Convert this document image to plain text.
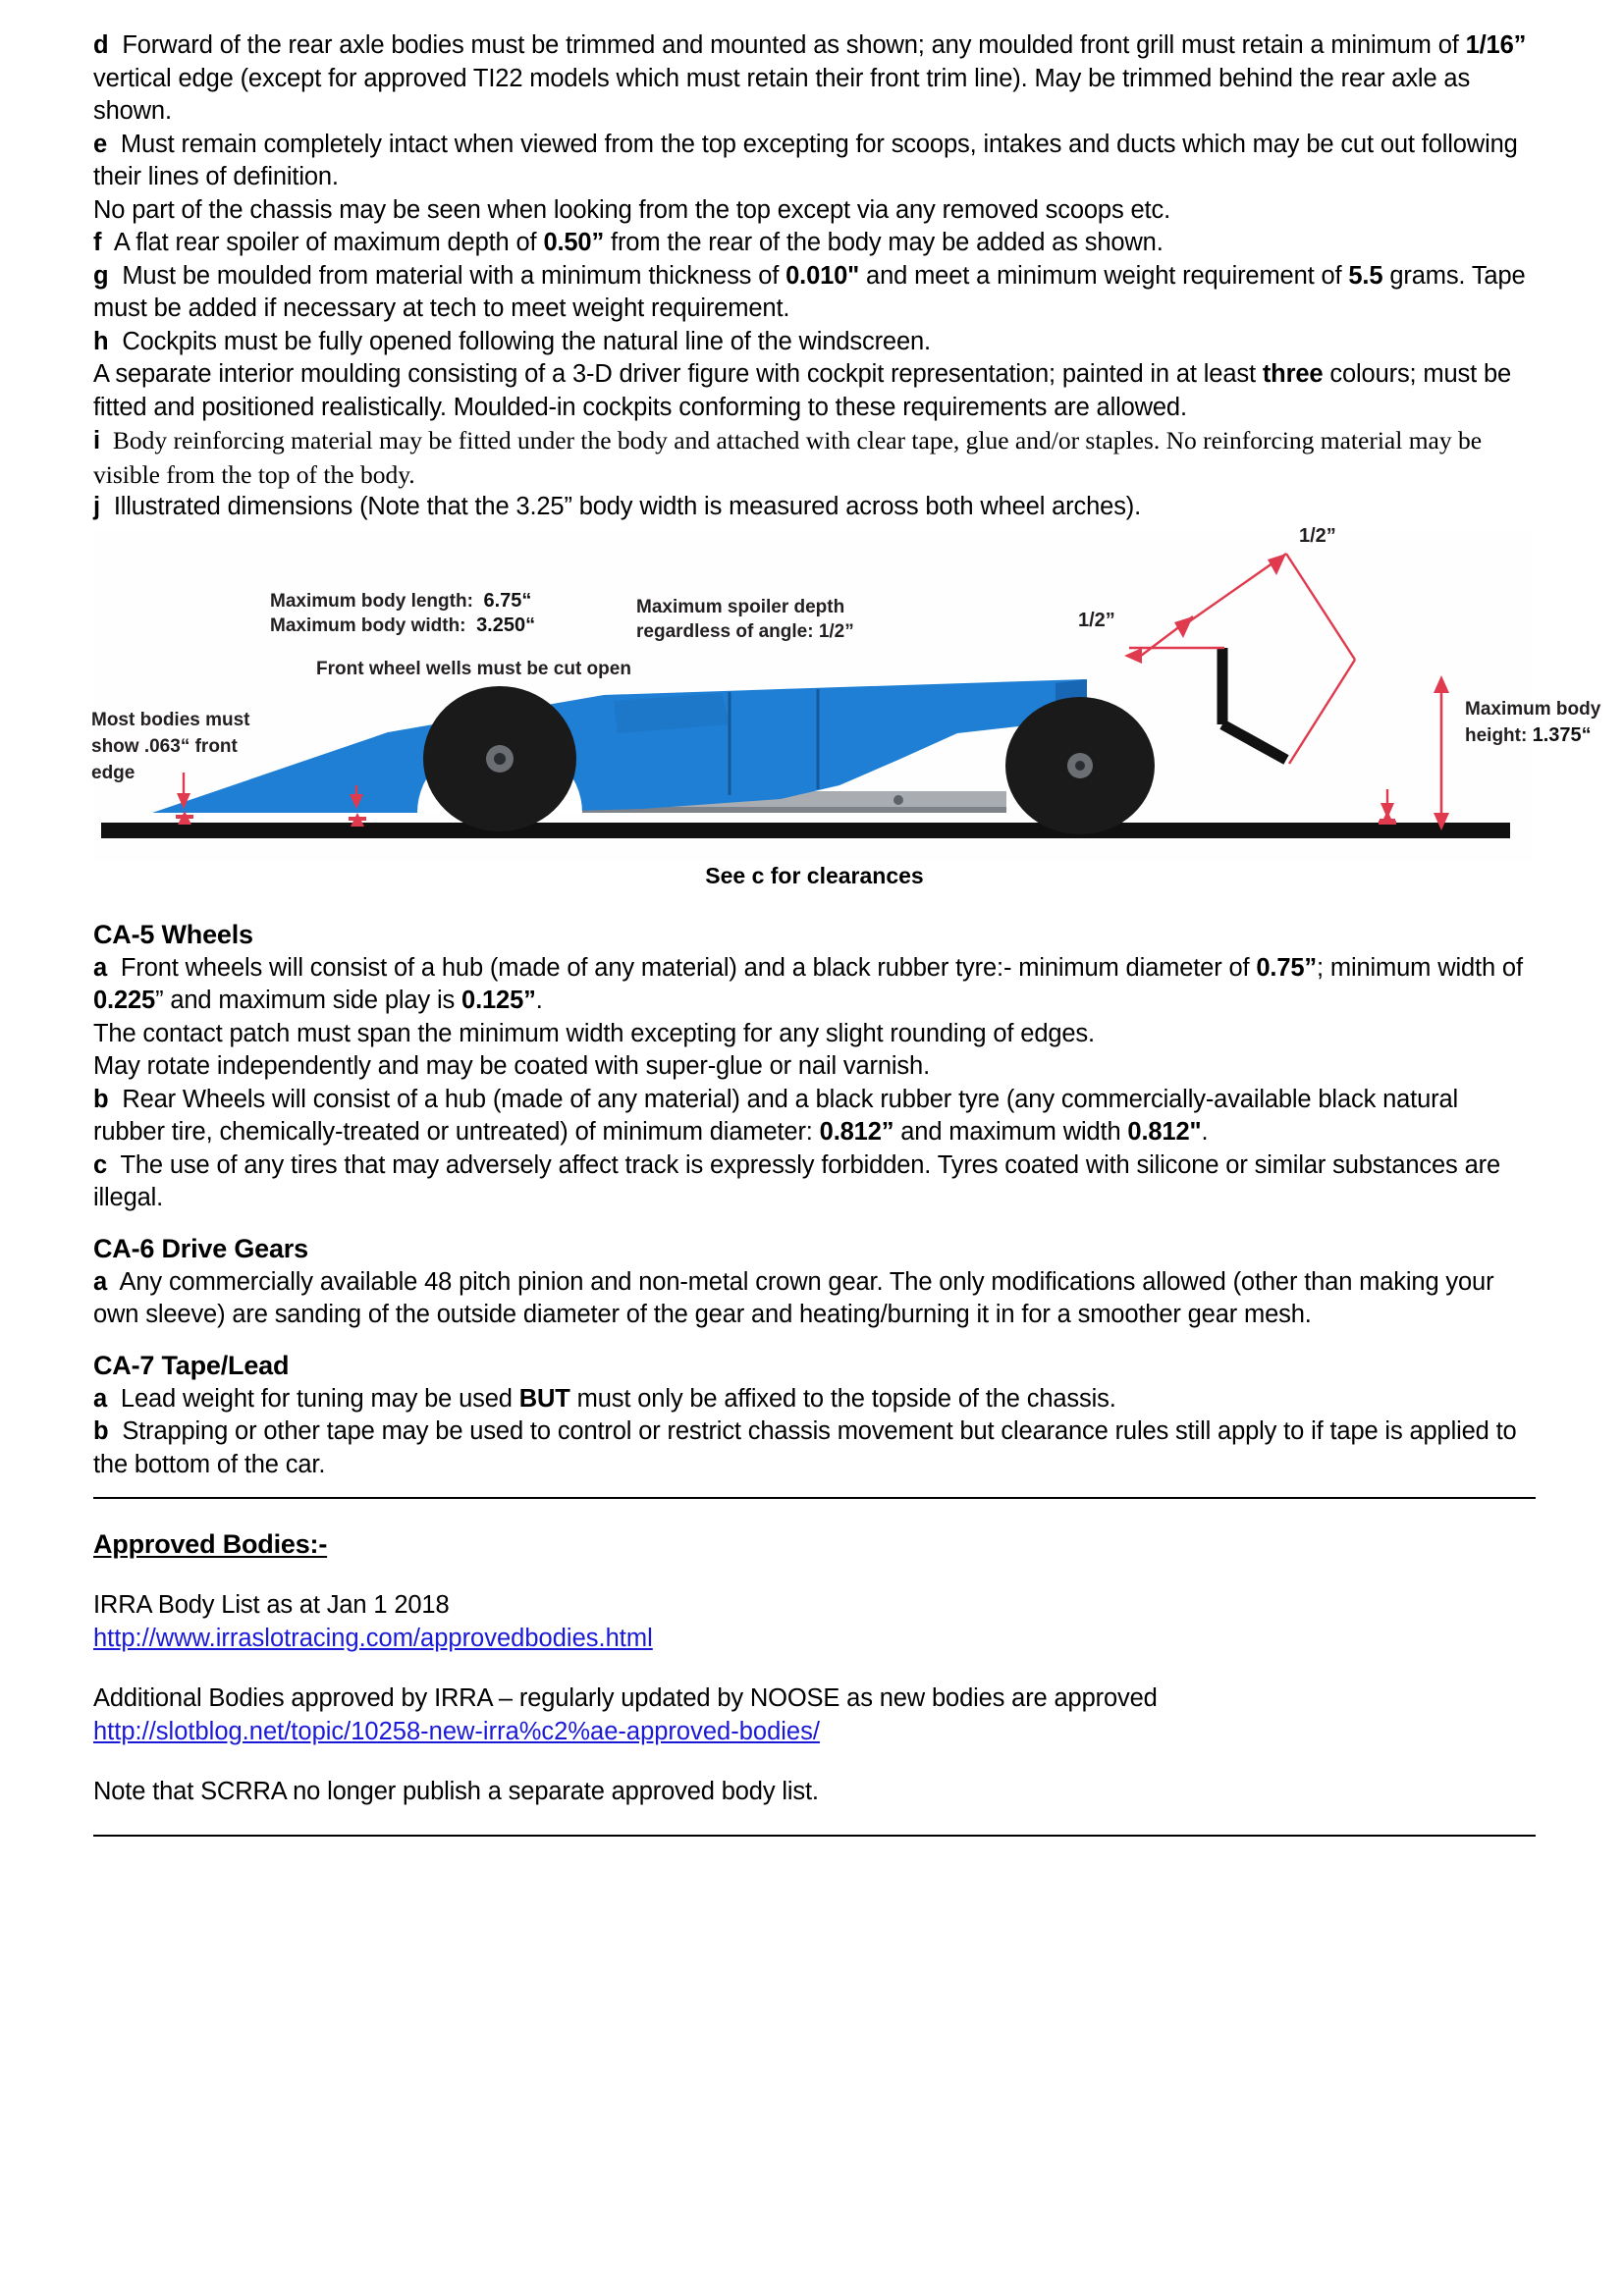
d Forward of the rear axle bodies must be trimmed and mounted as shown; any moulded front grill must retain a minimum of 1/16” vertical edge (except for approved TI22 models which must retain their front trim line). May be trimmed behind the rear axle as shown.

e Must remain completely intact when viewed from the top excepting for scoops, intakes and ducts which may be cut out following their lines of definition.

No part of the chassis may be seen when looking from the top except via any removed scoops etc.

f A flat rear spoiler of maximum depth of 0.50” from the rear of the body may be added as shown.

g Must be moulded from material with a minimum thickness of 0.010" and meet a minimum weight requirement of 5.5 grams. Tape must be added if necessary at tech to meet weight requirement.

h Cockpits must be fully opened following the natural line of the windscreen.

A separate interior moulding consisting of a 3-D driver figure with cockpit representation; painted in at least three colours; must be fitted and positioned realistically. Moulded-in cockpits conforming to these requirements are allowed.

i Body reinforcing material may be fitted under the body and attached with clear tape, glue and/or staples. No reinforcing material may be visible from the top of the body.

j Illustrated dimensions (Note that the 3.25” body width is measured across both wheel arches).

Maximum body length: 6.75“
Maximum body width: 3.250“
Front wheel wells must be cut open
Maximum spoiler depth
regardless of angle: 1/2”
1/2”
1/2”
Maximum body
height: 1.375“
Most bodies must
show .063“ front
edge
See c for clearances
CA-5 Wheels

a Front wheels will consist of a hub (made of any material) and a black rubber tyre:- minimum diameter of 0.75”; minimum width of 0.225” and maximum side play is 0.125”.

The contact patch must span the minimum width excepting for any slight rounding of edges.

May rotate independently and may be coated with super-glue or nail varnish.

b Rear Wheels will consist of a hub (made of any material) and a black rubber tyre (any commercially-available black natural rubber tire, chemically-treated or untreated) of minimum diameter: 0.812” and maximum width 0.812".

c The use of any tires that may adversely affect track is expressly forbidden. Tyres coated with silicone or similar substances are illegal.

CA-6 Drive Gears

a Any commercially available 48 pitch pinion and non-metal crown gear. The only modifications allowed (other than making your own sleeve) are sanding of the outside diameter of the gear and heating/burning it in for a smoother gear mesh.

CA-7 Tape/Lead

a Lead weight for tuning may be used BUT must only be affixed to the topside of the chassis.

b Strapping or other tape may be used to control or restrict chassis movement but clearance rules still apply to if tape is applied to the bottom of the car.

Approved Bodies:-

IRRA Body List as at Jan 1 2018

http://www.irraslotracing.com/approvedbodies.html

Additional Bodies approved by IRRA – regularly updated by NOOSE as new bodies are approved

http://slotblog.net/topic/10258-new-irra%c2%ae-approved-bodies/

Note that SCRRA no longer publish a separate approved body list.
